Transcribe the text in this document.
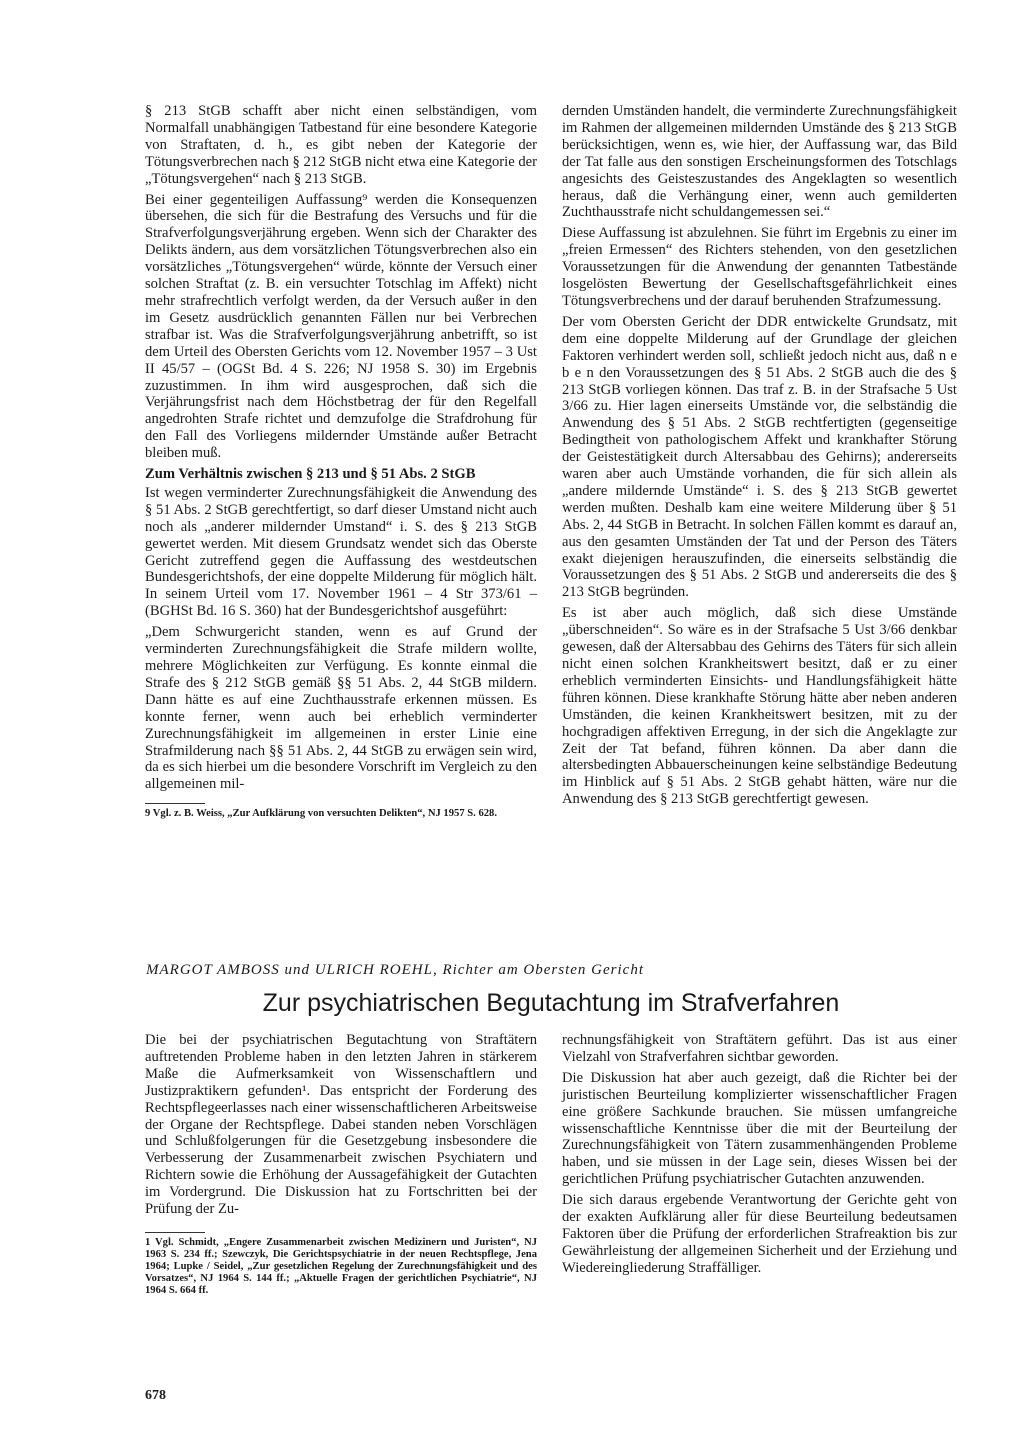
§ 213 StGB schafft aber nicht einen selbständigen, vom Normalfall unabhängigen Tatbestand für eine besondere Kategorie von Straftaten, d. h., es gibt neben der Kategorie der Tötungsverbrechen nach § 212 StGB nicht etwa eine Kategorie der „Tötungsvergehen“ nach § 213 StGB.

Bei einer gegenteiligen Auffassung⁹ werden die Konsequenzen übersehen, die sich für die Bestrafung des Versuchs und für die Strafverfolgungsverjährung ergeben. Wenn sich der Charakter des Delikts ändern, aus dem vorsätzlichen Tötungsverbrechen also ein vorsätzliches „Tötungsvergehen“ würde, könnte der Versuch einer solchen Straftat (z. B. ein versuchter Totschlag im Affekt) nicht mehr strafrechtlich verfolgt werden, da der Versuch außer in den im Gesetz ausdrücklich genannten Fällen nur bei Verbrechen strafbar ist. Was die Strafverfolgungsverjährung anbetrifft, so ist dem Urteil des Obersten Gerichts vom 12. November 1957 – 3 Ust II 45/57 – (OGSt Bd. 4 S. 226; NJ 1958 S. 30) im Ergebnis zuzustimmen. In ihm wird ausgesprochen, daß sich die Verjährungsfrist nach dem Höchstbetrag der für den Regelfall angedrohten Strafe richtet und demzufolge die Strafdrohung für den Fall des Vorliegens mildernder Umstände außer Betracht bleiben muß.

Zum Verhältnis zwischen § 213 und § 51 Abs. 2 StGB

Ist wegen verminderter Zurechnungsfähigkeit die Anwendung des § 51 Abs. 2 StGB gerechtfertigt, so darf dieser Umstand nicht auch noch als „anderer mildernder Umstand“ i. S. des § 213 StGB gewertet werden. Mit diesem Grundsatz wendet sich das Oberste Gericht zutreffend gegen die Auffassung des westdeutschen Bundesgerichtshofs, der eine doppelte Milderung für möglich hält. In seinem Urteil vom 17. November 1961 – 4 Str 373/61 – (BGHSt Bd. 16 S. 360) hat der Bundesgerichtshof ausgeführt:

„Dem Schwurgericht standen, wenn es auf Grund der verminderten Zurechnungsfähigkeit die Strafe mildern wollte, mehrere Möglichkeiten zur Verfügung. Es konnte einmal die Strafe des § 212 StGB gemäß §§ 51 Abs. 2, 44 StGB mildern. Dann hätte es auf eine Zuchthausstrafe erkennen müssen. Es konnte ferner, wenn auch bei erheblich verminderter Zurechnungsfähigkeit im allgemeinen in erster Linie eine Strafmilderung nach §§ 51 Abs. 2, 44 StGB zu erwägen sein wird, da es sich hierbei um die besondere Vorschrift im Vergleich zu den allgemeinen mil-

9 Vgl. z. B. Weiss, „Zur Aufklärung von versuchten Delikten“, NJ 1957 S. 628.

dernden Umständen handelt, die verminderte Zurechnungsfähigkeit im Rahmen der allgemeinen mildernden Umstände des § 213 StGB berücksichtigen, wenn es, wie hier, der Auffassung war, das Bild der Tat falle aus den sonstigen Erscheinungsformen des Totschlags angesichts des Geisteszustandes des Angeklagten so wesentlich heraus, daß die Verhängung einer, wenn auch gemilderten Zuchthausstrafe nicht schuldangemessen sei.“

Diese Auffassung ist abzulehnen. Sie führt im Ergebnis zu einer im „freien Ermessen“ des Richters stehenden, von den gesetzlichen Voraussetzungen für die Anwendung der genannten Tatbestände losgelösten Bewertung der Gesellschaftsgefährlichkeit eines Tötungsverbrechens und der darauf beruhenden Strafzumessung.

Der vom Obersten Gericht der DDR entwickelte Grundsatz, mit dem eine doppelte Milderung auf der Grundlage der gleichen Faktoren verhindert werden soll, schließt jedoch nicht aus, daß n e b e n den Voraussetzungen des § 51 Abs. 2 StGB auch die des § 213 StGB vorliegen können. Das traf z. B. in der Strafsache 5 Ust 3/66 zu. Hier lagen einerseits Umstände vor, die selbständig die Anwendung des § 51 Abs. 2 StGB rechtfertigten (gegenseitige Bedingtheit von pathologischem Affekt und krankhafter Störung der Geistestätigkeit durch Altersabbau des Gehirns); andererseits waren aber auch Umstände vorhanden, die für sich allein als „andere mildernde Umstände“ i. S. des § 213 StGB gewertet werden mußten. Deshalb kam eine weitere Milderung über § 51 Abs. 2, 44 StGB in Betracht. In solchen Fällen kommt es darauf an, aus den gesamten Umständen der Tat und der Person des Täters exakt diejenigen herauszufinden, die einerseits selbständig die Voraussetzungen des § 51 Abs. 2 StGB und andererseits die des § 213 StGB begründen.

Es ist aber auch möglich, daß sich diese Umstände „überschneiden“. So wäre es in der Strafsache 5 Ust 3/66 denkbar gewesen, daß der Altersabbau des Gehirns des Täters für sich allein nicht einen solchen Krankheitswert besitzt, daß er zu einer erheblich verminderten Einsichts- und Handlungsfähigkeit hätte führen können. Diese krankhafte Störung hätte aber neben anderen Umständen, die keinen Krankheitswert besitzen, mit zu der hochgradigen affektiven Erregung, in der sich die Angeklagte zur Zeit der Tat befand, führen können. Da aber dann die altersbedingten Abbauerscheinungen keine selbständige Bedeutung im Hinblick auf § 51 Abs. 2 StGB gehabt hätten, wäre nur die Anwendung des § 213 StGB gerechtfertigt gewesen.

MARGOT AMBOSS und ULRICH ROEHL, Richter am Obersten Gericht
Zur psychiatrischen Begutachtung im Strafverfahren

Die bei der psychiatrischen Begutachtung von Straftätern auftretenden Probleme haben in den letzten Jahren in stärkerem Maße die Aufmerksamkeit von Wissenschaftlern und Justizpraktikern gefunden¹. Das entspricht der Forderung des Rechtspflegeerlasses nach einer wissenschaftlicheren Arbeitsweise der Organe der Rechtspflege. Dabei standen neben Vorschlägen und Schlußfolgerungen für die Gesetzgebung insbesondere die Verbesserung der Zusammenarbeit zwischen Psychiatern und Richtern sowie die Erhöhung der Aussagefähigkeit der Gutachten im Vordergrund. Die Diskussion hat zu Fortschritten bei der Prüfung der Zu-

1 Vgl. Schmidt, „Engere Zusammenarbeit zwischen Medizinern und Juristen“, NJ 1963 S. 234 ff.; Szewczyk, Die Gerichtspsychiatrie in der neuen Rechtspflege, Jena 1964; Lupke / Seidel, „Zur gesetzlichen Regelung der Zurechnungsfähigkeit und des Vorsatzes“, NJ 1964 S. 144 ff.; „Aktuelle Fragen der gerichtlichen Psychiatrie“, NJ 1964 S. 664 ff.

rechnungsfähigkeit von Straftätern geführt. Das ist aus einer Vielzahl von Strafverfahren sichtbar geworden.

Die Diskussion hat aber auch gezeigt, daß die Richter bei der juristischen Beurteilung komplizierter wissenschaftlicher Fragen eine größere Sachkunde brauchen. Sie müssen umfangreiche wissenschaftliche Kenntnisse über die mit der Beurteilung der Zurechnungsfähigkeit von Tätern zusammenhängenden Probleme haben, und sie müssen in der Lage sein, dieses Wissen bei der gerichtlichen Prüfung psychiatrischer Gutachten anzuwenden.

Die sich daraus ergebende Verantwortung der Gerichte geht von der exakten Aufklärung aller für diese Beurteilung bedeutsamen Faktoren über die Prüfung der erforderlichen Strafreaktion bis zur Gewährleistung der allgemeinen Sicherheit und der Erziehung und Wiedereingliederung Straffälliger.

678
